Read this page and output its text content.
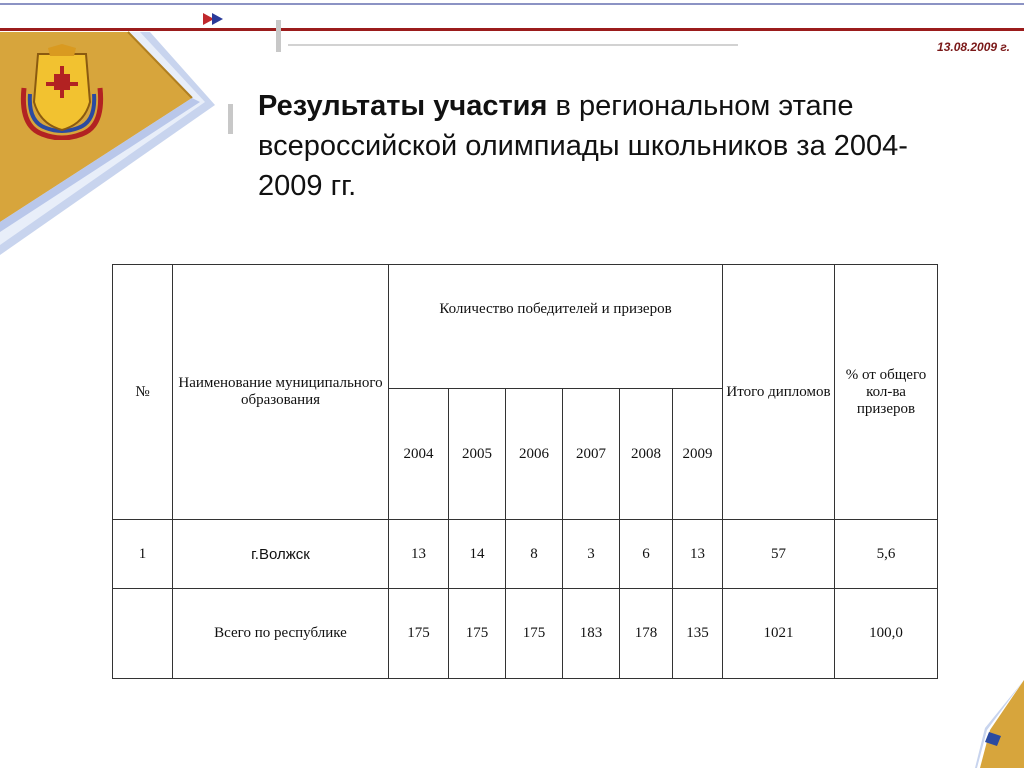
13.08.2009 г.
Результаты участия в региональном этапе всероссийской олимпиады школьников за 2004-2009 гг.
№	Наименование муниципального образования	Количество победителей и призеров						Итого дипломов	% от общего кол-ва призеров
		2004	2005	2006	2007	2008	2009		
1	г.Волжск	13	14	8	3	6	13	57	5,6
	Всего по республике	175	175	175	183	178	135	1021	100,0
